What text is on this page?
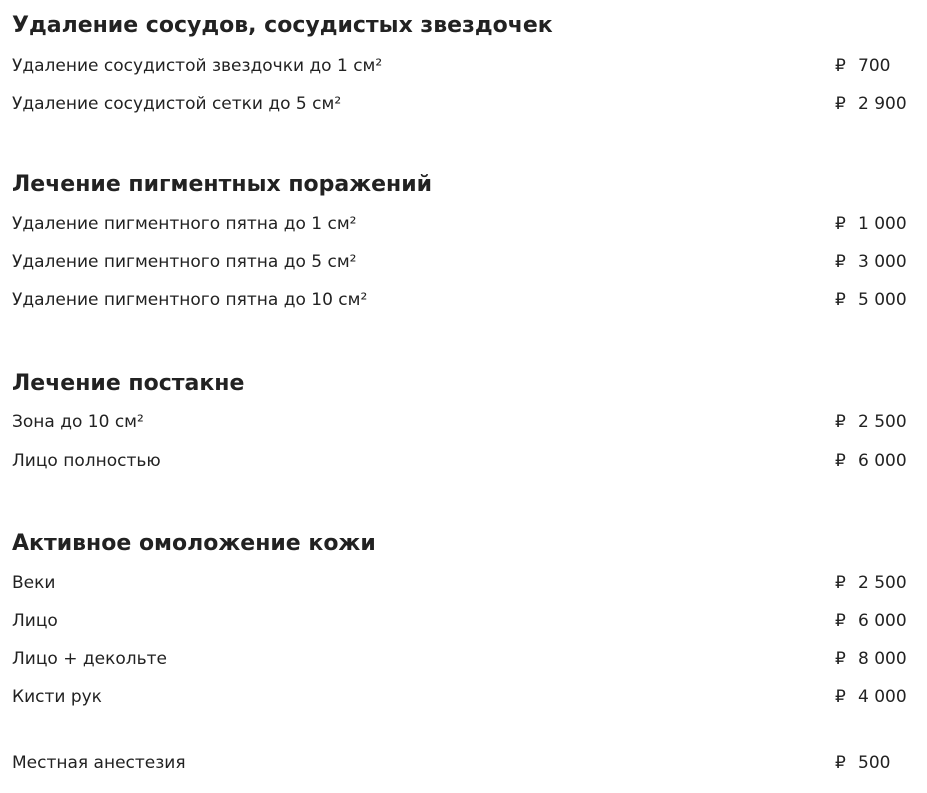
Удаление сосудов, сосудистых звездочек
Удаление сосудистой звездочки до 1 см²	₽ 700
Удаление сосудистой сетки до 5 см²	₽ 2 900
Лечение пигментных поражений
Удаление пигментного пятна до 1 см²	₽ 1 000
Удаление пигментного пятна до 5 см²	₽ 3 000
Удаление пигментного пятна до 10 см²	₽ 5 000
Лечение постакне
Зона до 10 см²	₽ 2 500
Лицо полностью	₽ 6 000
Активное омоложение кожи
Веки	₽ 2 500
Лицо	₽ 6 000
Лицо + декольте	₽ 8 000
Кисти рук	₽ 4 000
Местная анестезия	₽ 500
